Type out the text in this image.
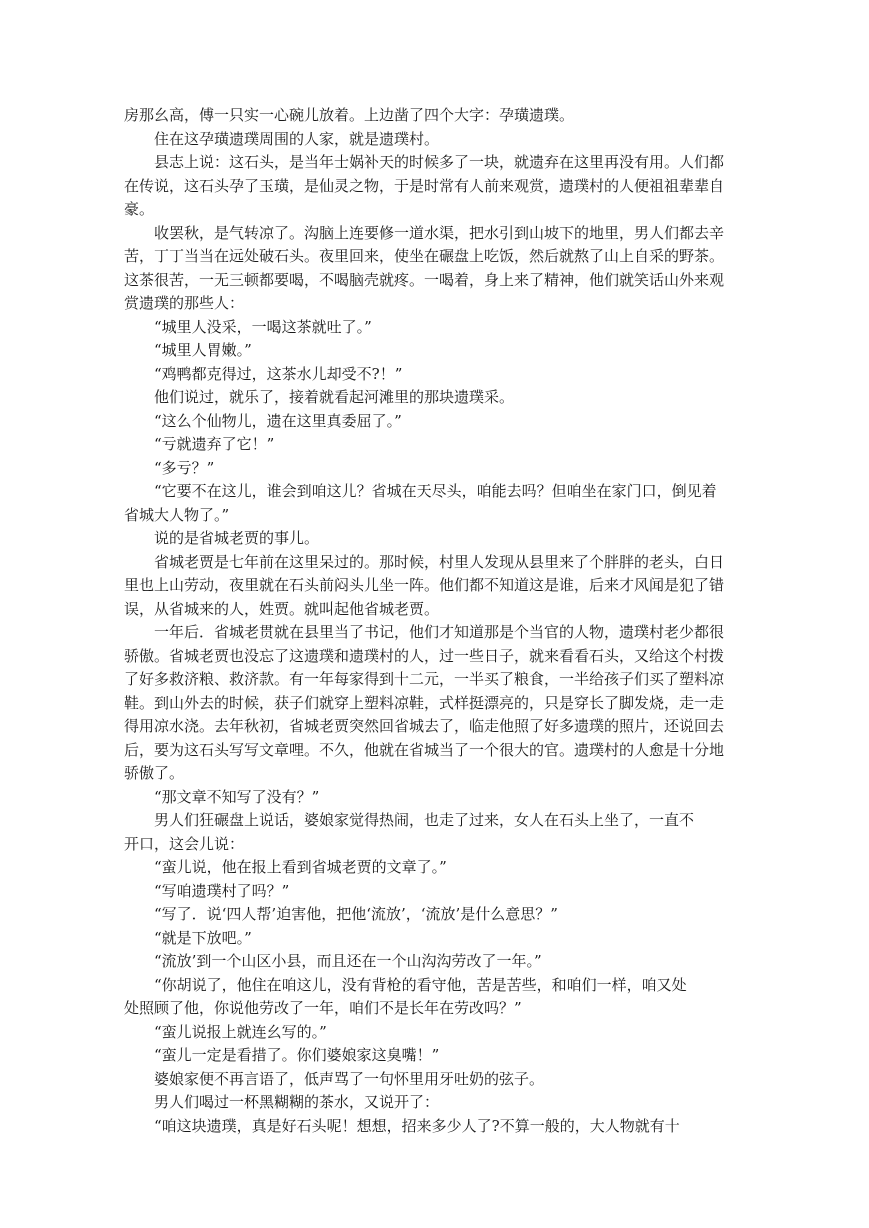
房那幺高，傅一只实一心碗儿放着。上边凿了四个大字：孕璜遗璞。
住在这孕璜遗璞周围的人家，就是遗璞村。
县志上说：这石头，是当年士娲补天的时候多了一块，就遗弃在这里再没有用。人们都
在传说，这石头孕了玉璜，是仙灵之物，于是时常有人前来观赏，遗璞村的人便祖祖辈辈自
豪。
收罢秋，是气转凉了。沟脑上连要修一道水渠，把水引到山坡下的地里，男人们都去辛
苦，丁丁当当在远处破石头。夜里回来，使坐在碾盘上吃饭，然后就熬了山上自采的野茶。
这茶很苦，一无三顿都要喝，不喝脑壳就疼。一喝着，身上来了精神，他们就笑话山外来观
赏遗璞的那些人：
“城里人没采，一喝这茶就吐了。”
“城里人胃嫩。”
“鸡鸭都克得过，这茶水儿却受不?！”
他们说过，就乐了，接着就看起河滩里的那块遗璞采。
“这么个仙物儿，遗在这里真委屈了。”
“亏就遗弃了它！”
“多亏？”
“它要不在这儿，谁会到咱这儿？省城在天尽头，咱能去吗？但咱坐在家门口，倒见着
省城大人物了。”
说的是省城老贾的事儿。
省城老贾是七年前在这里呆过的。那时候，村里人发现从县里来了个胖胖的老头，白日
里也上山劳动，夜里就在石头前闷头儿坐一阵。他们都不知道这是谁，后来才风闻是犯了错
误，从省城来的人，姓贾。就叫起他省城老贾。
一年后．省城老贯就在县里当了书记，他们才知道那是个当官的人物，遗璞村老少都很
骄傲。省城老贾也没忘了这遗璞和遗璞村的人，过一些日子，就来看看石头，又给这个村拨
了好多救济粮、救济款。有一年每家得到十二元，一半买了粮食，一半给孩子们买了塑料凉
鞋。到山外去的时候，获子们就穿上塑料凉鞋，式样挺漂亮的，只是穿长了脚发烧，走一走
得用凉水浇。去年秋初，省城老贾突然回省城去了，临走他照了好多遗璞的照片，还说回去
后，要为这石头写写文章哩。不久，他就在省城当了一个很大的官。遗璞村的人愈是十分地
骄傲了。
“那文章不知写了没有？”
男人们狂碾盘上说话，婆娘家觉得热闹，也走了过来，女人在石头上坐了，一直不
开口，这会儿说：
“蛮儿说，他在报上看到省城老贾的文章了。”
“写咱遗璞村了吗？”
“写了．说‘四人帮’迫害他，把他‘流放’，‘流放’是什么意思？”
“就是下放吧。”
“流放’到一个山区小县，而且还在一个山沟沟劳改了一年。”
“你胡说了，他住在咱这儿，没有背枪的看守他，苦是苦些，和咱们一样，咱又处
处照顾了他，你说他劳改了一年，咱们不是长年在劳改吗？”
“蛮儿说报上就连幺写的。”
“蛮儿一定是看措了。你们婆娘家这臭嘴！”
婆娘家便不再言语了，低声骂了一句怀里用牙吐奶的弦子。
男人们喝过一杯黑糊糊的茶水，又说开了：
“咱这块遗璞，真是好石头呢！想想，招来多少人了?不算一般的，大人物就有十
